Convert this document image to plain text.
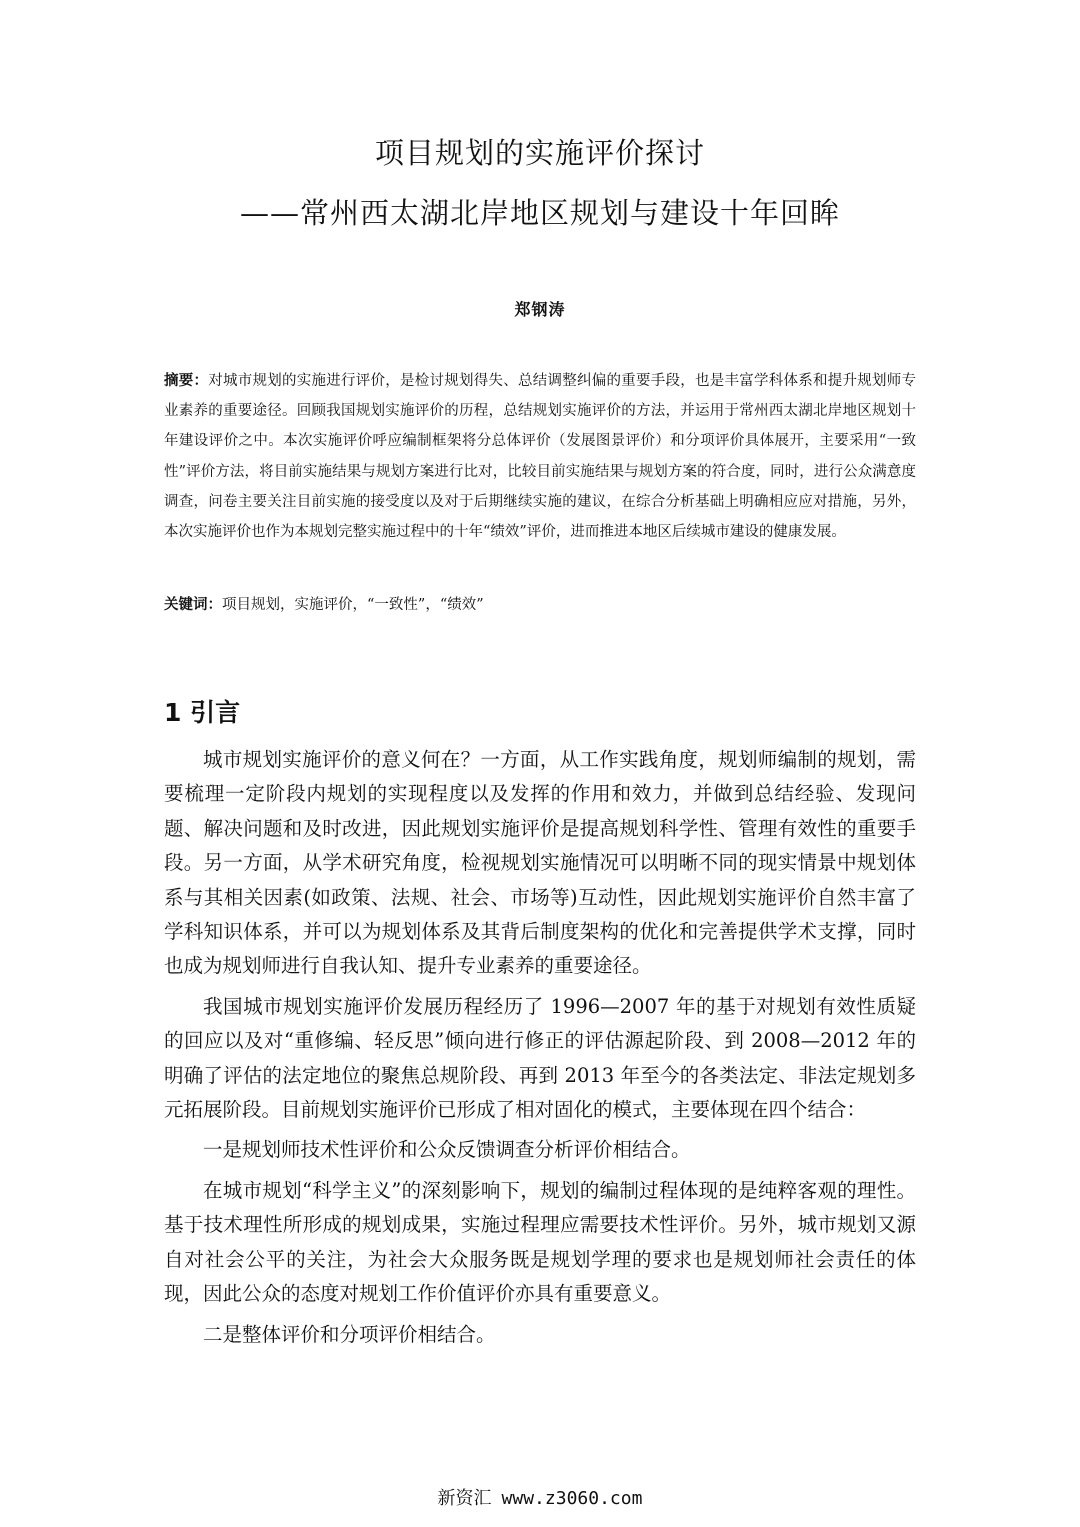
项目规划的实施评价探讨
——常州西太湖北岸地区规划与建设十年回眸
郑钢涛
摘要：对城市规划的实施进行评价，是检讨规划得失、总结调整纠偏的重要手段，也是丰富学科体系和提升规划师专业素养的重要途径。回顾我国规划实施评价的历程，总结规划实施评价的方法，并运用于常州西太湖北岸地区规划十年建设评价之中。本次实施评价呼应编制框架将分总体评价（发展图景评价）和分项评价具体展开，主要采用“一致性”评价方法，将目前实施结果与规划方案进行比对，比较目前实施结果与规划方案的符合度，同时，进行公众满意度调查，问卷主要关注目前实施的接受度以及对于后期继续实施的建议，在综合分析基础上明确相应应对措施，另外，本次实施评价也作为本规划完整实施过程中的十年“绩效”评价，进而推进本地区后续城市建设的健康发展。
关键词：项目规划，实施评价，“一致性”，“绩效”
1 引言

城市规划实施评价的意义何在？一方面，从工作实践角度，规划师编制的规划，需要梳理一定阶段内规划的实现程度以及发挥的作用和效力，并做到总结经验、发现问题、解决问题和及时改进，因此规划实施评价是提高规划科学性、管理有效性的重要手段。另一方面，从学术研究角度，检视规划实施情况可以明晰不同的现实情景中规划体系与其相关因素(如政策、法规、社会、市场等)互动性，因此规划实施评价自然丰富了学科知识体系，并可以为规划体系及其背后制度架构的优化和完善提供学术支撑，同时也成为规划师进行自我认知、提升专业素养的重要途径。

我国城市规划实施评价发展历程经历了 1996—2007 年的基于对规划有效性质疑的回应以及对“重修编、轻反思”倾向进行修正的评估源起阶段、到 2008—2012 年的明确了评估的法定地位的聚焦总规阶段、再到 2013 年至今的各类法定、非法定规划多元拓展阶段。目前规划实施评价已形成了相对固化的模式，主要体现在四个结合：

一是规划师技术性评价和公众反馈调查分析评价相结合。

在城市规划“科学主义”的深刻影响下，规划的编制过程体现的是纯粹客观的理性。基于技术理性所形成的规划成果，实施过程理应需要技术性评价。另外，城市规划又源自对社会公平的关注，为社会大众服务既是规划学理的要求也是规划师社会责任的体现，因此公众的态度对规划工作价值评价亦具有重要意义。

二是整体评价和分项评价相结合。

新资汇 www.z3060.com
